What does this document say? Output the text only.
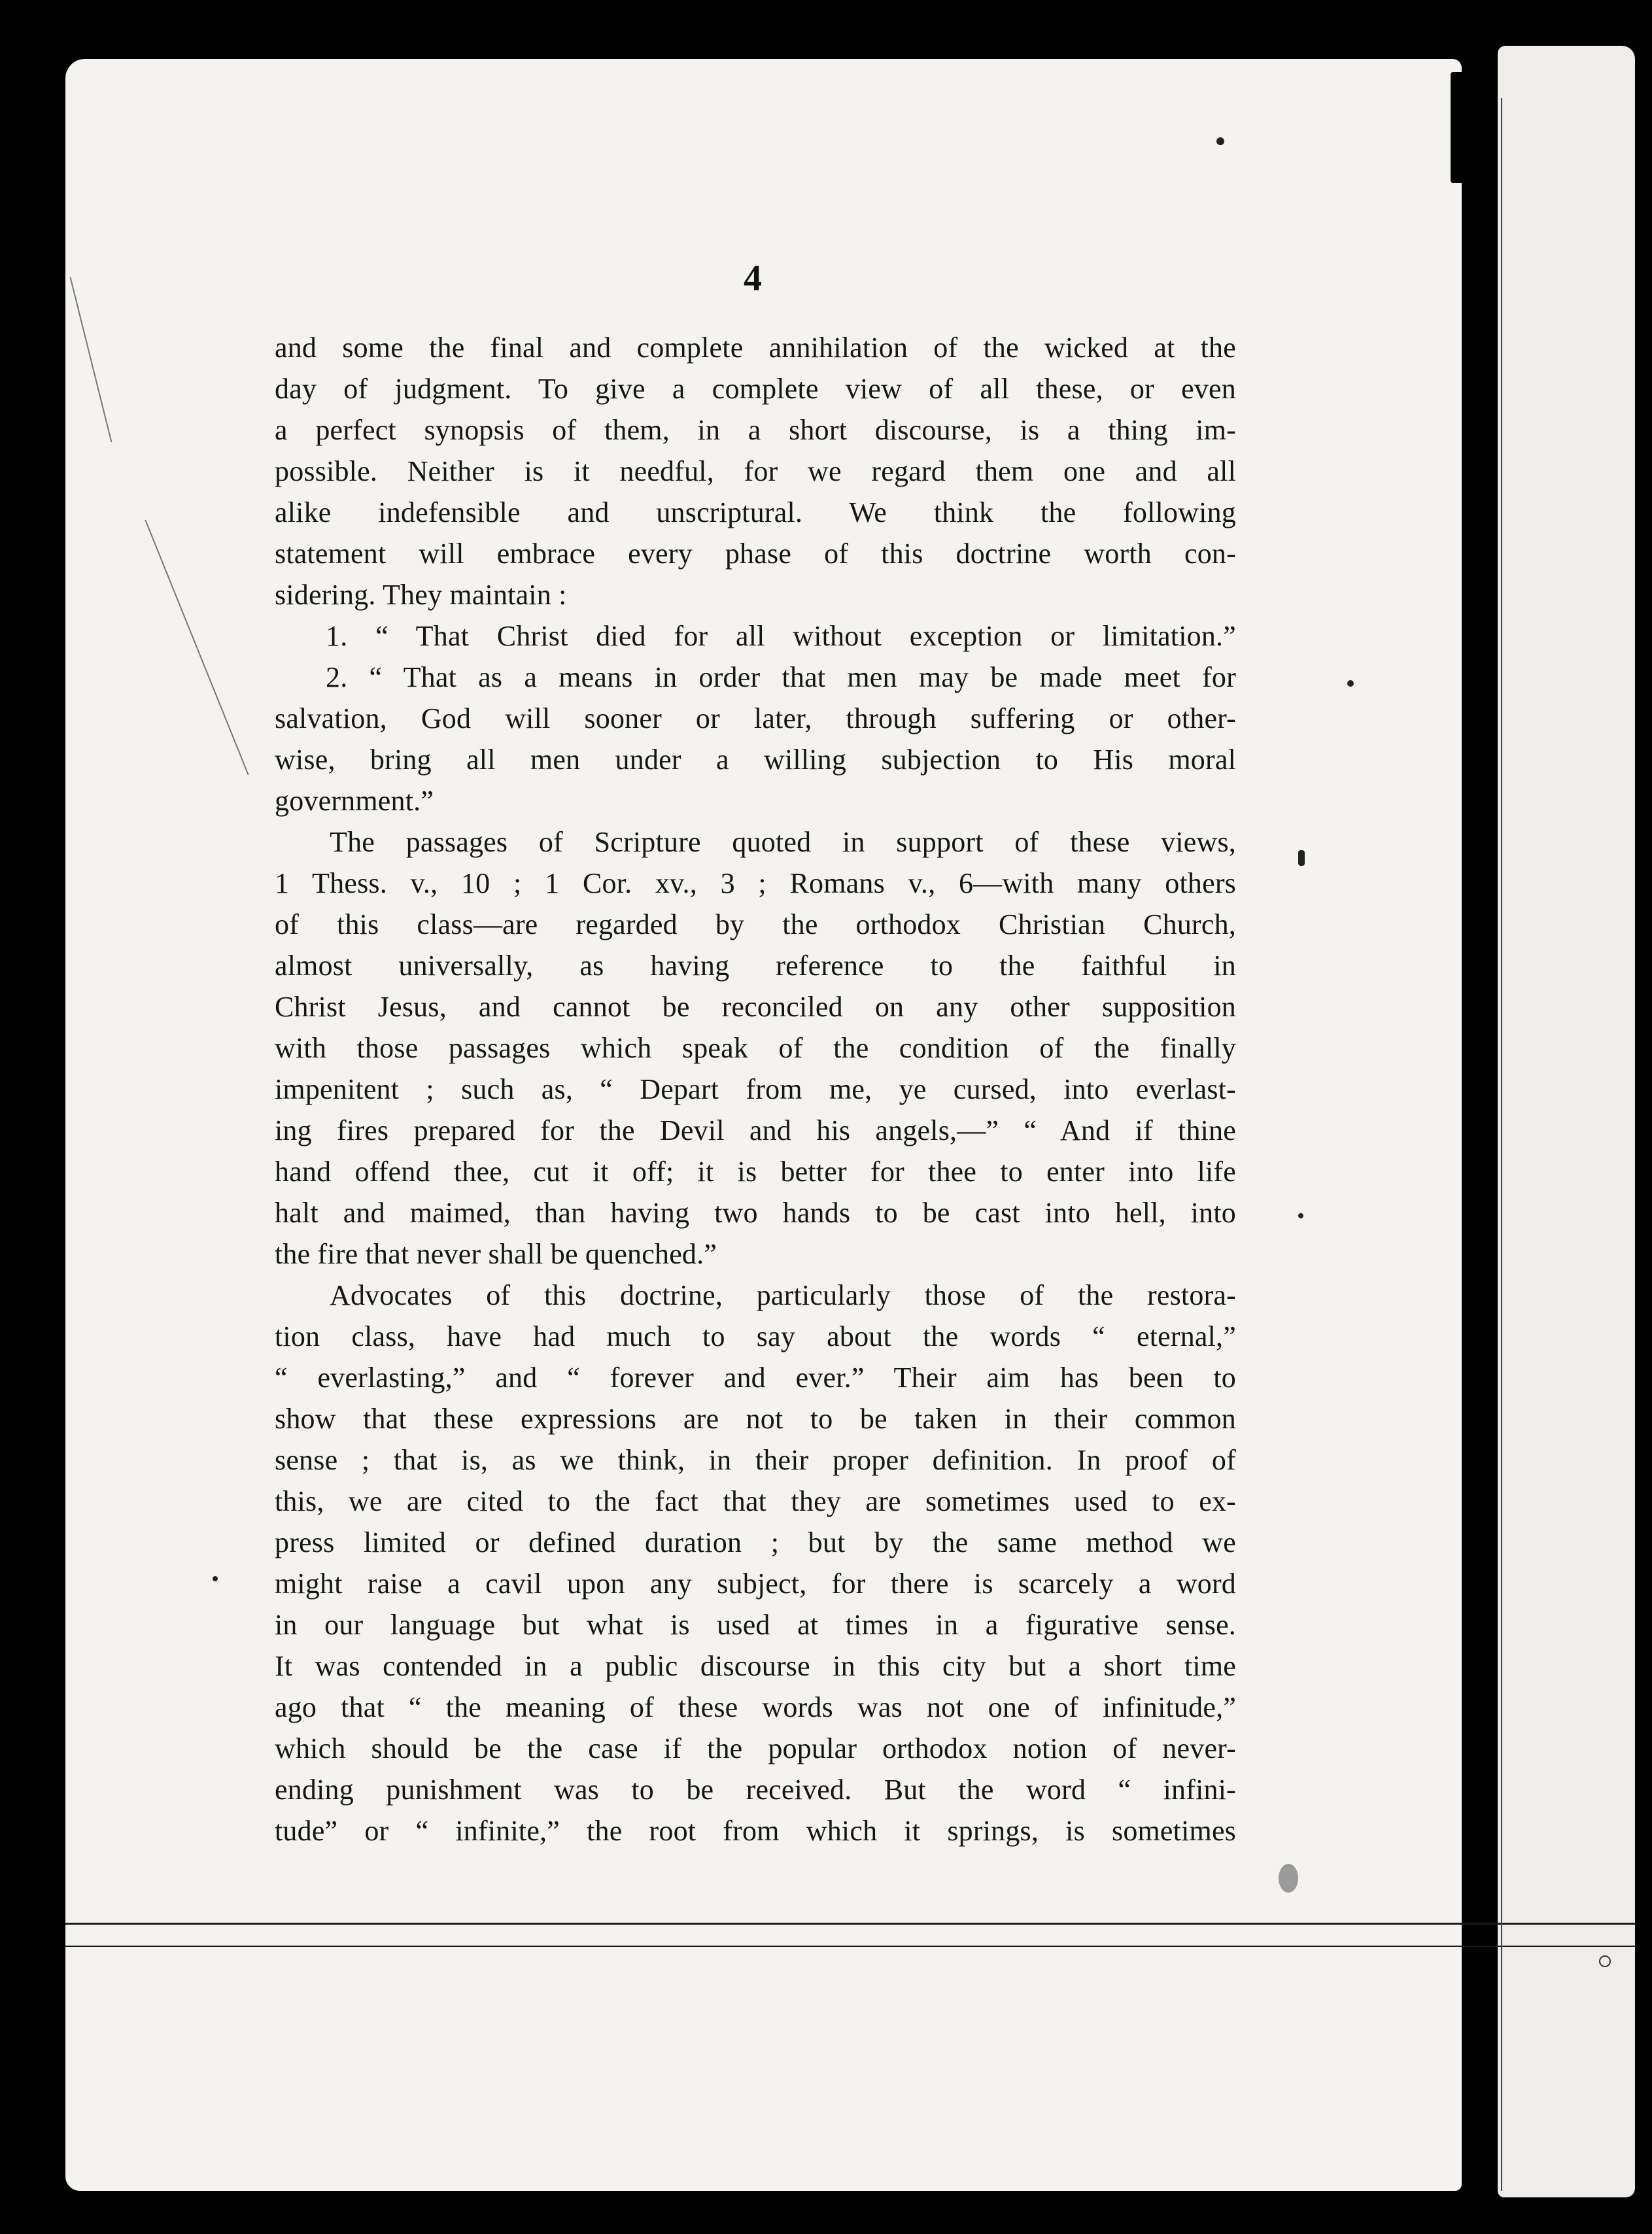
4
and some the final and complete annihilation of the wicked at the
day of judgment. To give a complete view of all these, or even
a perfect synopsis of them, in a short discourse, is a thing im-
possible. Neither is it needful, for we regard them one and all
alike indefensible and unscriptural. We think the following
statement will embrace every phase of this doctrine worth con-
sidering. They maintain :
1. “ That Christ died for all without exception or limitation.”
2. “ That as a means in order that men may be made meet for
salvation, God will sooner or later, through suffering or other-
wise, bring all men under a willing subjection to His moral
government.”
The passages of Scripture quoted in support of these views,
1 Thess. v., 10 ; 1 Cor. xv., 3 ; Romans v., 6—with many others
of this class—are regarded by the orthodox Christian Church,
almost universally, as having reference to the faithful in
Christ Jesus, and cannot be reconciled on any other supposition
with those passages which speak of the condition of the finally
impenitent ; such as, “ Depart from me, ye cursed, into everlast-
ing fires prepared for the Devil and his angels,—” “ And if thine
hand offend thee, cut it off; it is better for thee to enter into life
halt and maimed, than having two hands to be cast into hell, into
the fire that never shall be quenched.”
Advocates of this doctrine, particularly those of the restora-
tion class, have had much to say about the words “ eternal,”
“ everlasting,” and “ forever and ever.” Their aim has been to
show that these expressions are not to be taken in their common
sense ; that is, as we think, in their proper definition. In proof of
this, we are cited to the fact that they are sometimes used to ex-
press limited or defined duration ; but by the same method we
might raise a cavil upon any subject, for there is scarcely a word
in our language but what is used at times in a figurative sense.
It was contended in a public discourse in this city but a short time
ago that “ the meaning of these words was not one of infinitude,”
which should be the case if the popular orthodox notion of never-
ending punishment was to be received. But the word “ infini-
tude” or “ infinite,” the root from which it springs, is sometimes
